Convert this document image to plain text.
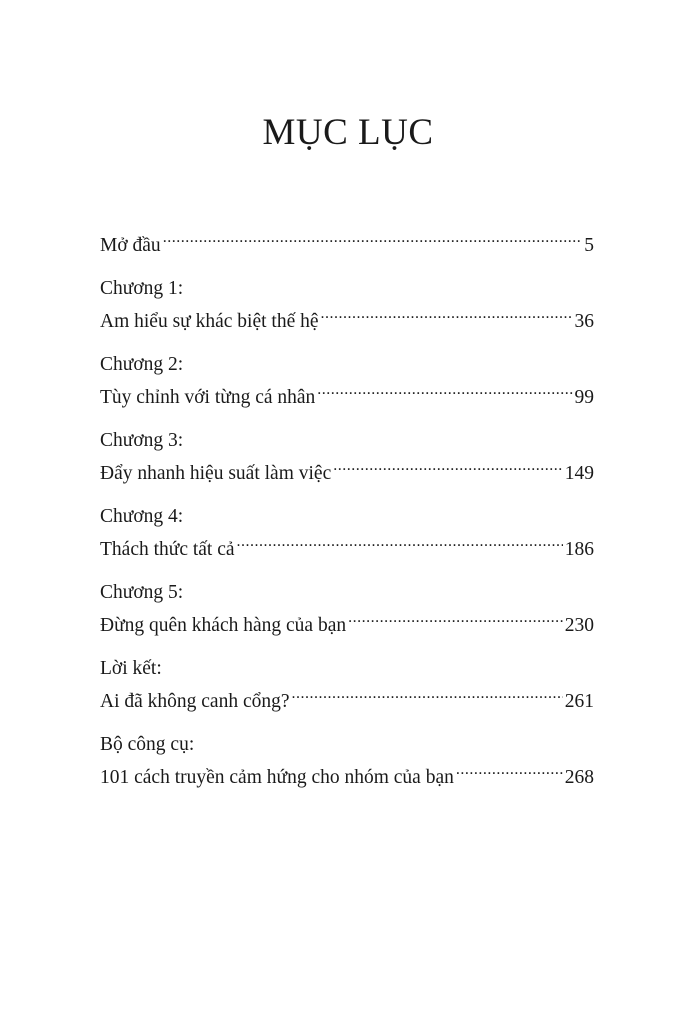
MỤC LỤC
Mở đầu .....	5
Chương 1:
Am hiểu sự khác biệt thế hệ .....	36
Chương 2:
Tùy chỉnh với từng cá nhân .....	99
Chương 3:
Đẩy nhanh hiệu suất làm việc .....	149
Chương 4:
Thách thức tất cả .....	186
Chương 5:
Đừng quên khách hàng của bạn .....	230
Lời kết:
Ai đã không canh cổng? .....	261
Bộ công cụ:
101 cách truyền cảm hứng cho nhóm của bạn .....	268
